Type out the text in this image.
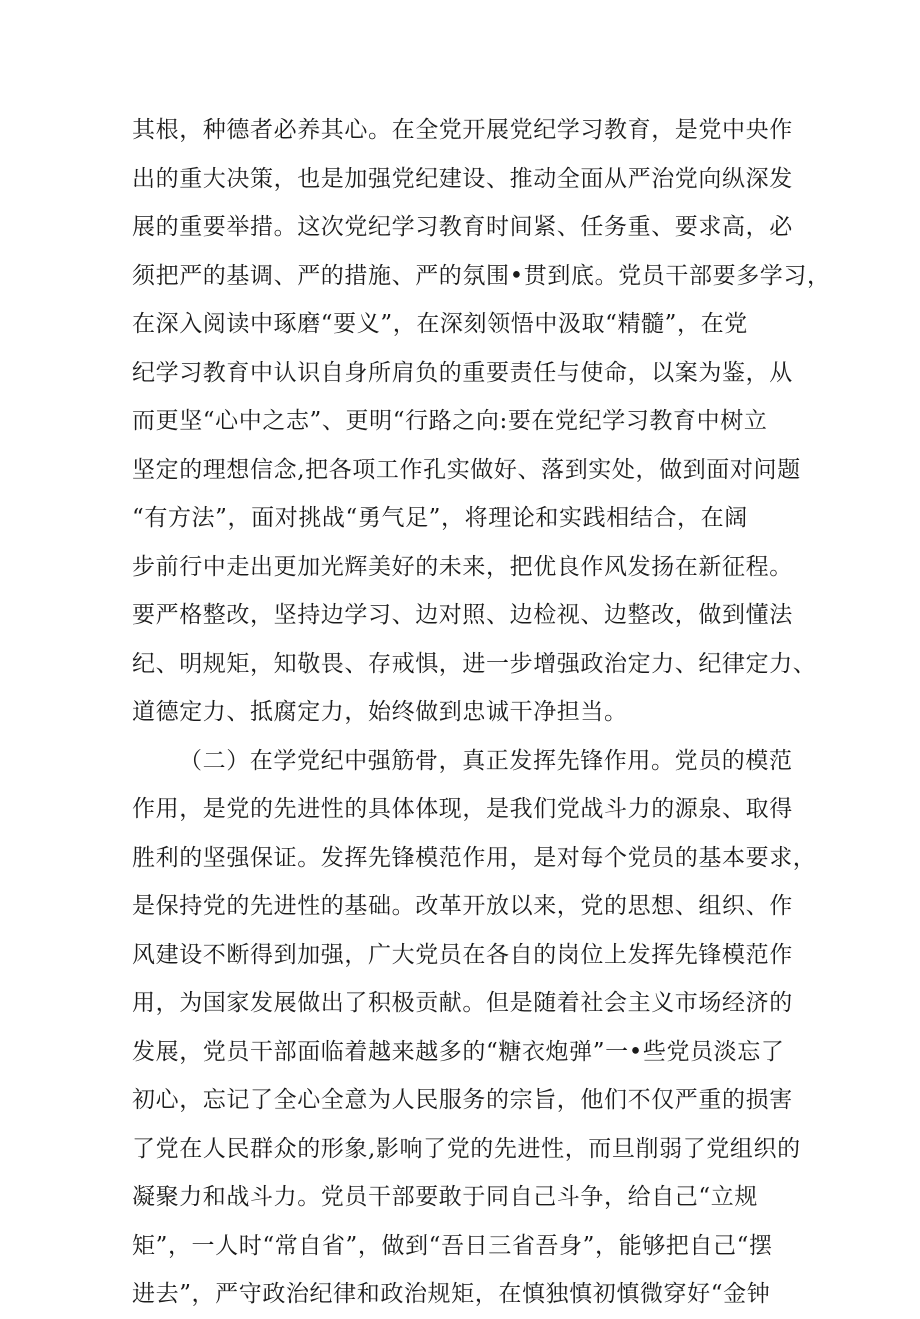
其根，种德者必养其心。在全党开展党纪学习教育，是党中央作
出的重大决策，也是加强党纪建设、推动全面从严治党向纵深发
展的重要举措。这次党纪学习教育时间紧、任务重、要求高，必
须把严的基调、严的措施、严的氛围•贯到底。党员干部要多学习，
在深入阅读中琢磨“要义”，在深刻领悟中汲取“精髓”，在党
纪学习教育中认识自身所肩负的重要责任与使命，以案为鉴，从
而更坚“心中之志”、更明“行路之向:要在党纪学习教育中树立
坚定的理想信念,把各项工作孔实做好、落到实处，做到面对问题
“有方法”，面对挑战“勇气足”，将理论和实践相结合，在阔
步前行中走出更加光辉美好的未来，把优良作风发扬在新征程。
要严格整改，坚持边学习、边对照、边检视、边整改，做到懂法
纪、明规矩，知敬畏、存戒惧，进一步增强政治定力、纪律定力、
道德定力、抵腐定力，始终做到忠诚干净担当。
（二）在学党纪中强筋骨，真正发挥先锋作用。党员的模范
作用，是党的先进性的具体体现，是我们党战斗力的源泉、取得
胜利的坚强保证。发挥先锋模范作用，是对每个党员的基本要求，
是保持党的先进性的基础。改革开放以来，党的思想、组织、作
风建设不断得到加强，广大党员在各自的岗位上发挥先锋模范作
用，为国家发展做出了积极贡献。但是随着社会主义市场经济的
发展，党员干部面临着越来越多的“糖衣炮弹”一•些党员淡忘了
初心，忘记了全心全意为人民服务的宗旨，他们不仅严重的损害
了党在人民群众的形象,影响了党的先进性，而旦削弱了党组织的
凝聚力和战斗力。党员干部要敢于同自己斗争，给自己“立规
矩”，一人时“常自省”，做到“吾日三省吾身”，能够把自己“摆
进去”，严守政治纪律和政治规矩，在慎独慎初慎微穿好“金钟
